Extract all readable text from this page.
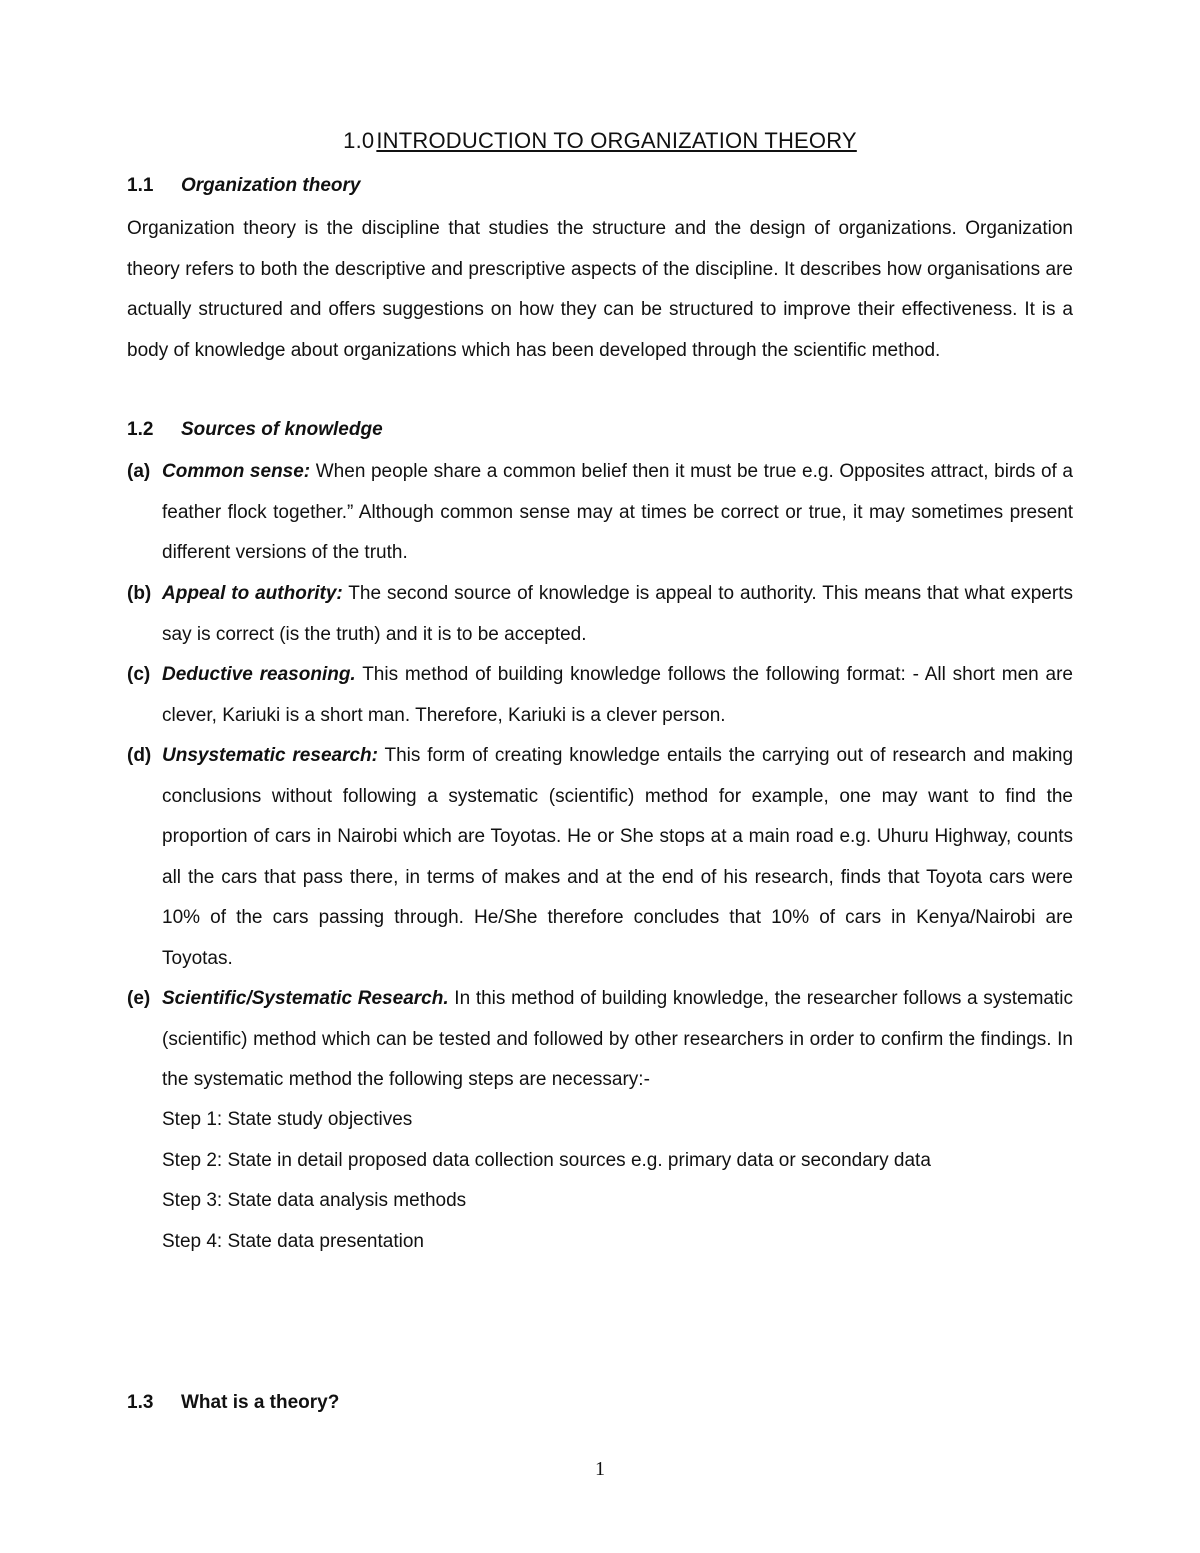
1.0INTRODUCTION TO ORGANIZATION THEORY
1.1 Organization theory

Organization theory is the discipline that studies the structure and the design of organizations. Organization theory refers to both the descriptive and prescriptive aspects of the discipline. It describes how organisations are actually structured and offers suggestions on how they can be structured to improve their effectiveness. It is a body of knowledge about organizations which has been developed through the scientific method.

1.2 Sources of knowledge
(a) Common sense: When people share a common belief then it must be true e.g. Opposites attract, birds of a feather flock together.” Although common sense may at times be correct or true, it may sometimes present different versions of the truth.

(b) Appeal to authority: The second source of knowledge is appeal to authority. This means that what experts say is correct (is the truth) and it is to be accepted.

(c) Deductive reasoning. This method of building knowledge follows the following format: - All short men are clever, Kariuki is a short man. Therefore, Kariuki is a clever person.

(d) Unsystematic research: This form of creating knowledge entails the carrying out of research and making conclusions without following a systematic (scientific) method for example, one may want to find the proportion of cars in Nairobi which are Toyotas. He or She stops at a main road e.g. Uhuru Highway, counts all the cars that pass there, in terms of makes and at the end of his research, finds that Toyota cars were 10% of the cars passing through. He/She therefore concludes that 10% of cars in Kenya/Nairobi are Toyotas.

(e) Scientific/Systematic Research. In this method of building knowledge, the researcher follows a systematic (scientific) method which can be tested and followed by other researchers in order to confirm the findings. In the systematic method the following steps are necessary:-

Step 1: State study objectives
Step 2: State in detail proposed data collection sources e.g. primary data or secondary data
Step 3: State data analysis methods
Step 4: State data presentation
1.3 What is a theory?
1
